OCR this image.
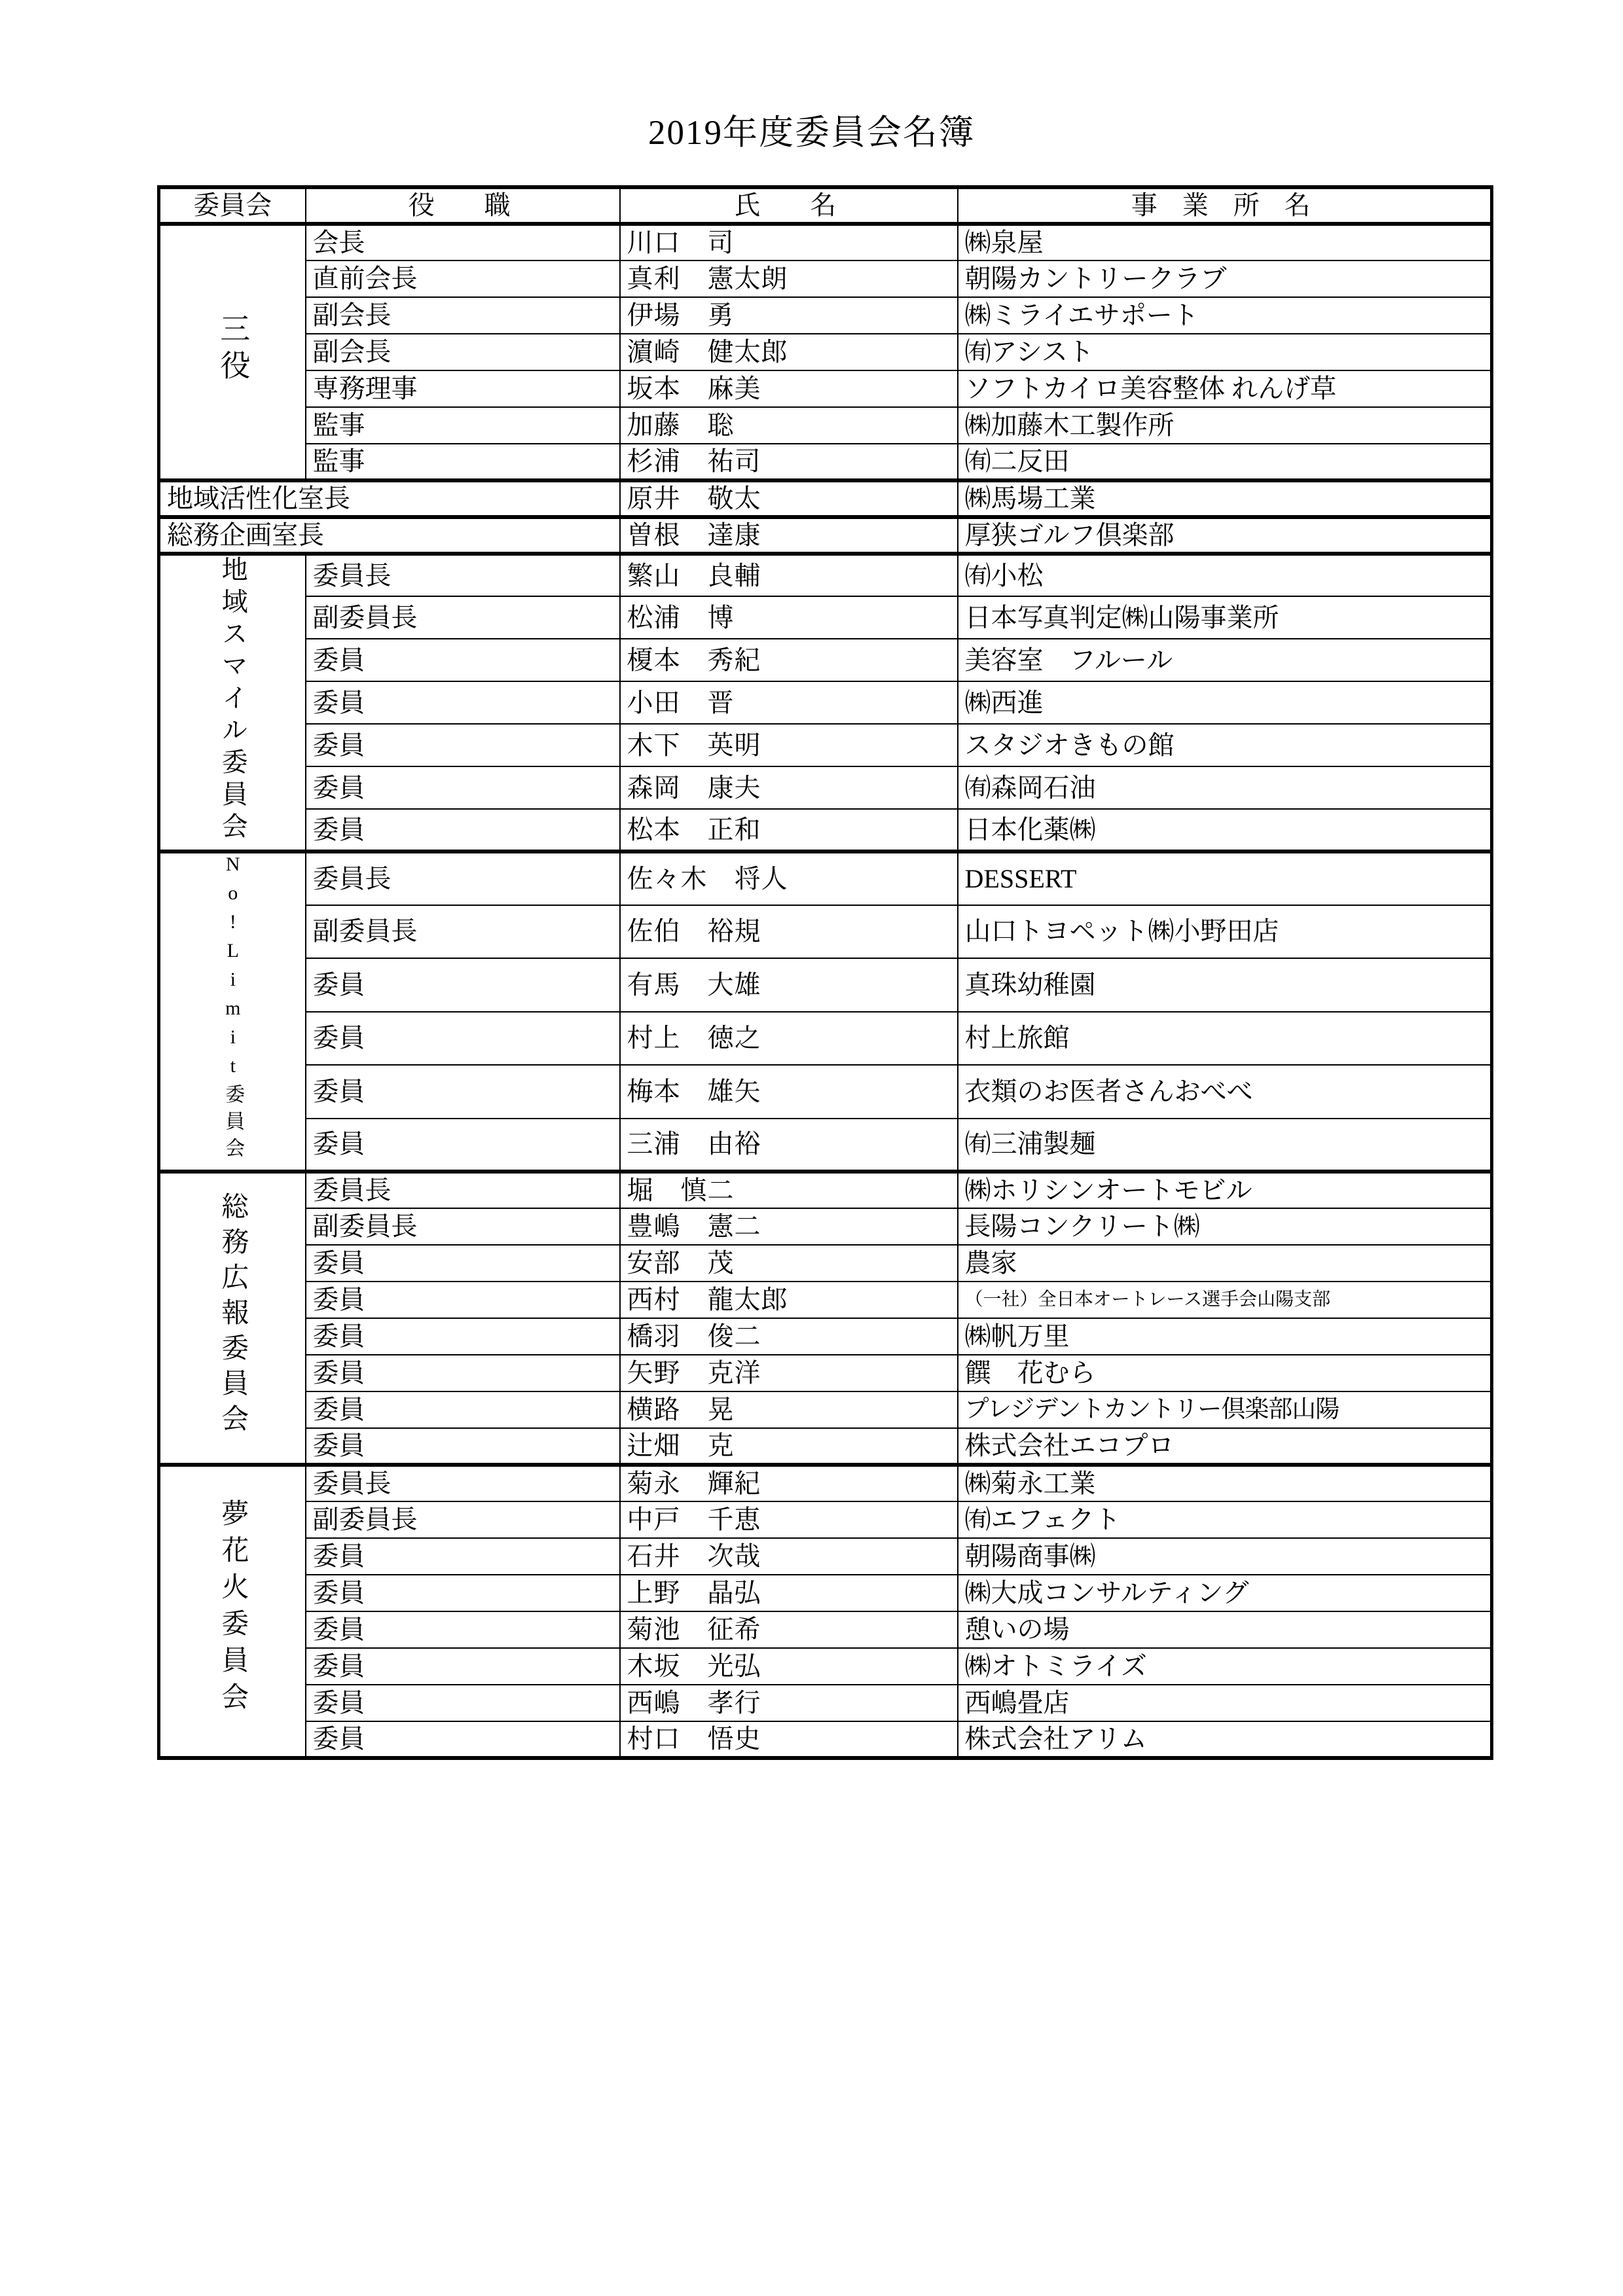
2019年度委員会名簿
委員会	役　職	氏　名	事 業 所 名
三役	会長	川口　司	㈱泉屋
	直前会長	真利　憲太朗	朝陽カントリークラブ
	副会長	伊場　勇	㈱ミライエサポート
	副会長	濵崎　健太郎	㈲アシスト
	専務理事	坂本　麻美	ソフトカイロ美容整体 れんげ草
	監事	加藤　聡	㈱加藤木工製作所
	監事	杉浦　祐司	㈲二反田
地域活性化室長		原井　敬太	㈱馬場工業
総務企画室長		曽根　達康	厚狭ゴルフ倶楽部
地域スマイル委員会	委員長	繁山　良輔	㈲小松
	副委員長	松浦　博	日本写真判定㈱山陽事業所
	委員	榎本　秀紀	美容室　フルール
	委員	小田　晋	㈱西進
	委員	木下　英明	スタジオきもの館
	委員	森岡　康夫	㈲森岡石油
	委員	松本　正和	日本化薬㈱
No!Limit委員会	委員長	佐々木　将人	DESSERT
	副委員長	佐伯　裕規	山口トヨペット㈱小野田店
	委員	有馬　大雄	真珠幼稚園
	委員	村上　徳之	村上旅館
	委員	梅本　雄矢	衣類のお医者さんおべべ
	委員	三浦　由裕	㈲三浦製麺
総務広報委員会	委員長	堀　慎二	㈱ホリシンオートモビル
	副委員長	豊嶋　憲二	長陽コンクリート㈱
	委員	安部　茂	農家
	委員	西村　龍太郎	（一社）全日本オートレース選手会山陽支部
	委員	橋羽　俊二	㈱帆万里
	委員	矢野　克洋	饌　花むら
	委員	横路　晃	プレジデントカントリー倶楽部山陽
	委員	辻畑　克	株式会社エコプロ
夢花火委員会	委員長	菊永　輝紀	㈱菊永工業
	副委員長	中戸　千恵	㈲エフェクト
	委員	石井　次哉	朝陽商事㈱
	委員	上野　晶弘	㈱大成コンサルティング
	委員	菊池　征希	憩いの場
	委員	木坂　光弘	㈱オトミライズ
	委員	西嶋　孝行	西嶋畳店
	委員	村口　悟史	株式会社アリム
